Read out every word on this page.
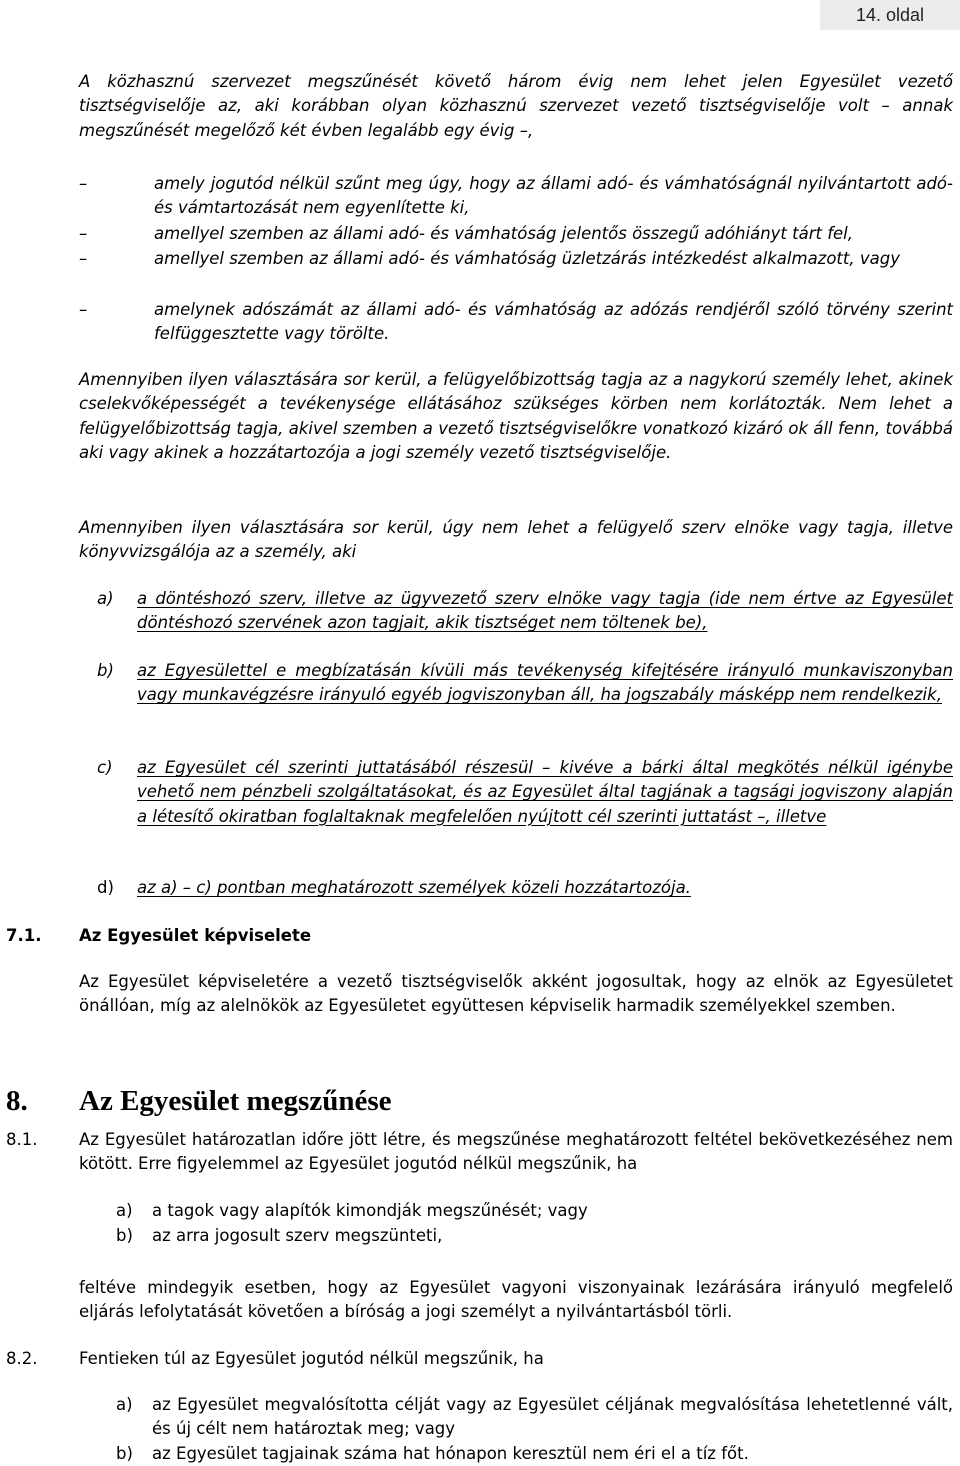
14. oldal
A közhasznú szervezet megszűnését követő három évig nem lehet jelen Egyesület vezető tisztségviselője az, aki korábban olyan közhasznú szervezet vezető tisztségviselője volt – annak megszűnését megelőző két évben legalább egy évig –,
–	amely jogutód nélkül szűnt meg úgy, hogy az állami adó- és vámhatóságnál nyilvántartott adó- és vámtartozását nem egyenlítette ki,
–	amellyel szemben az állami adó- és vámhatóság jelentős összegű adóhiányt tárt fel,
–	amellyel szemben az állami adó- és vámhatóság üzletzárás intézkedést alkalmazott, vagy
–	amelynek adószámát az állami adó- és vámhatóság az adózás rendjéről szóló törvény szerint felfüggesztette vagy törölte.
Amennyiben ilyen választására sor kerül, a felügyelőbizottság tagja az a nagykorú személy lehet, akinek cselekvőképességét a tevékenysége ellátásához szükséges körben nem korlátozták. Nem lehet a felügyelőbizottság tagja, akivel szemben a vezető tisztségviselőkre vonatkozó kizáró ok áll fenn, továbbá aki vagy akinek a hozzátartozója a jogi személy vezető tisztségviselője.
Amennyiben ilyen választására sor kerül, úgy nem lehet a felügyelő szerv elnöke vagy tagja, illetve könyvvizsgálója az a személy, aki
a) a döntéshozó szerv, illetve az ügyvezető szerv elnöke vagy tagja (ide nem értve az Egyesület döntéshozó szervének azon tagjait, akik tisztséget nem töltenek be),
b) az Egyesülettel e megbízatásán kívüli más tevékenység kifejtésére irányuló munkaviszonyban vagy munkavégzésre irányuló egyéb jogviszonyban áll, ha jogszabály másképp nem rendelkezik,
c) az Egyesület cél szerinti juttatásából részesül – kivéve a bárki által megkötés nélkül igénybe vehető nem pénzbeli szolgáltatásokat, és az Egyesület által tagjának a tagsági jogviszony alapján a létesítő okiratban foglaltaknak megfelelően nyújtott cél szerinti juttatást –, illetve
d) az a) – c) pontban meghatározott személyek közeli hozzátartozója.
7.1. Az Egyesület képviselete
Az Egyesület képviseletére a vezető tisztségviselők akként jogosultak, hogy az elnök az Egyesületet önállóan, míg az alelnökök az Egyesületet együttesen képviselik harmadik személyekkel szemben.
8. Az Egyesület megszűnése
8.1.	Az Egyesület határozatlan időre jött létre, és megszűnése meghatározott feltétel bekövetkezéséhez nem kötött. Erre figyelemmel az Egyesület jogutód nélkül megszűnik, ha
a) a tagok vagy alapítók kimondják megszűnését; vagy
b) az arra jogosult szerv megszünteti,
feltéve mindegyik esetben, hogy az Egyesület vagyoni viszonyainak lezárására irányuló megfelelő eljárás lefolytatását követően a bíróság a jogi személyt a nyilvántartásból törli.
8.2.	Fentieken túl az Egyesület jogutód nélkül megszűnik, ha
a) az Egyesület megvalósította célját vagy az Egyesület céljának megvalósítása lehetetlenné vált, és új célt nem határoztak meg; vagy
b) az Egyesület tagjainak száma hat hónapon keresztül nem éri el a tíz főt.
